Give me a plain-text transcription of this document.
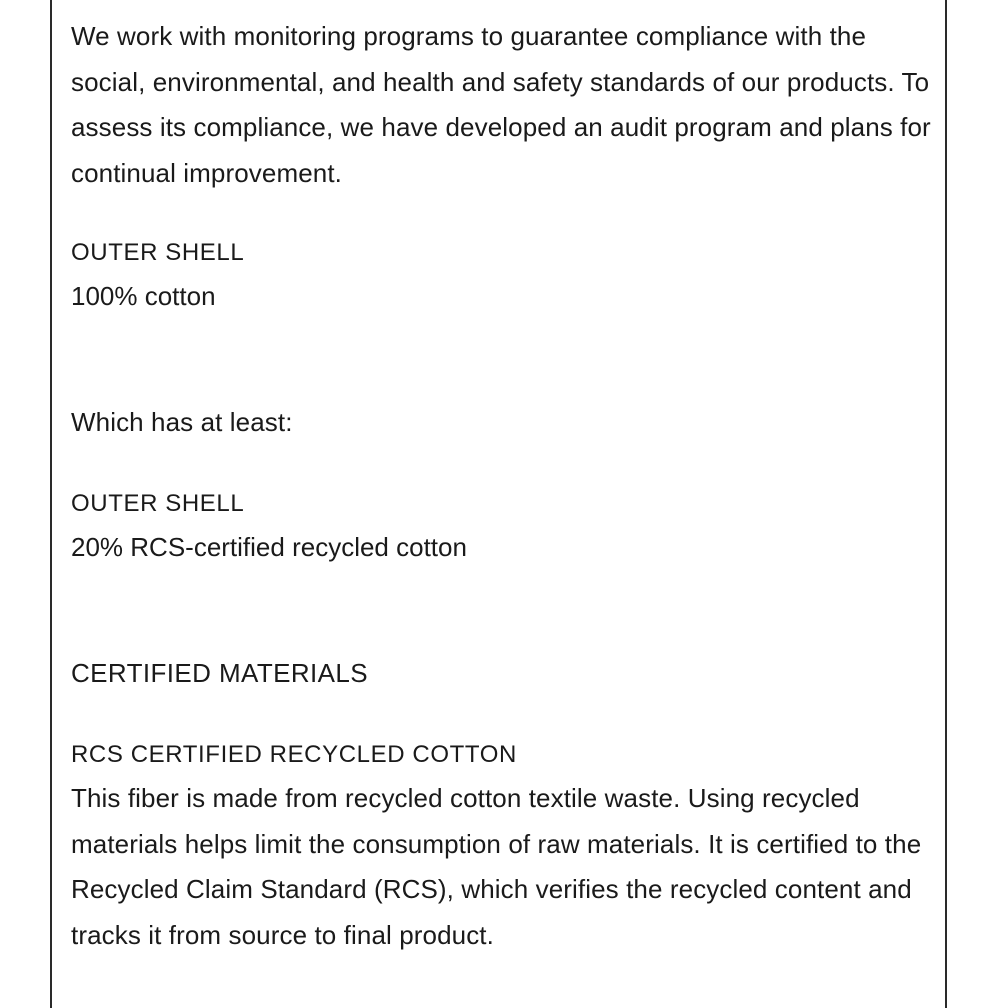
We work with monitoring programs to guarantee compliance with the social, environmental, and health and safety standards of our products. To assess its compliance, we have developed an audit program and plans for continual improvement.

OUTER SHELL

100% cotton

Which has at least:

OUTER SHELL

20% RCS-certified recycled cotton

CERTIFIED MATERIALS

RCS CERTIFIED RECYCLED COTTON

This fiber is made from recycled cotton textile waste. Using recycled materials helps limit the consumption of raw materials. It is certified to the Recycled Claim Standard (RCS), which verifies the recycled content and tracks it from source to final product.
